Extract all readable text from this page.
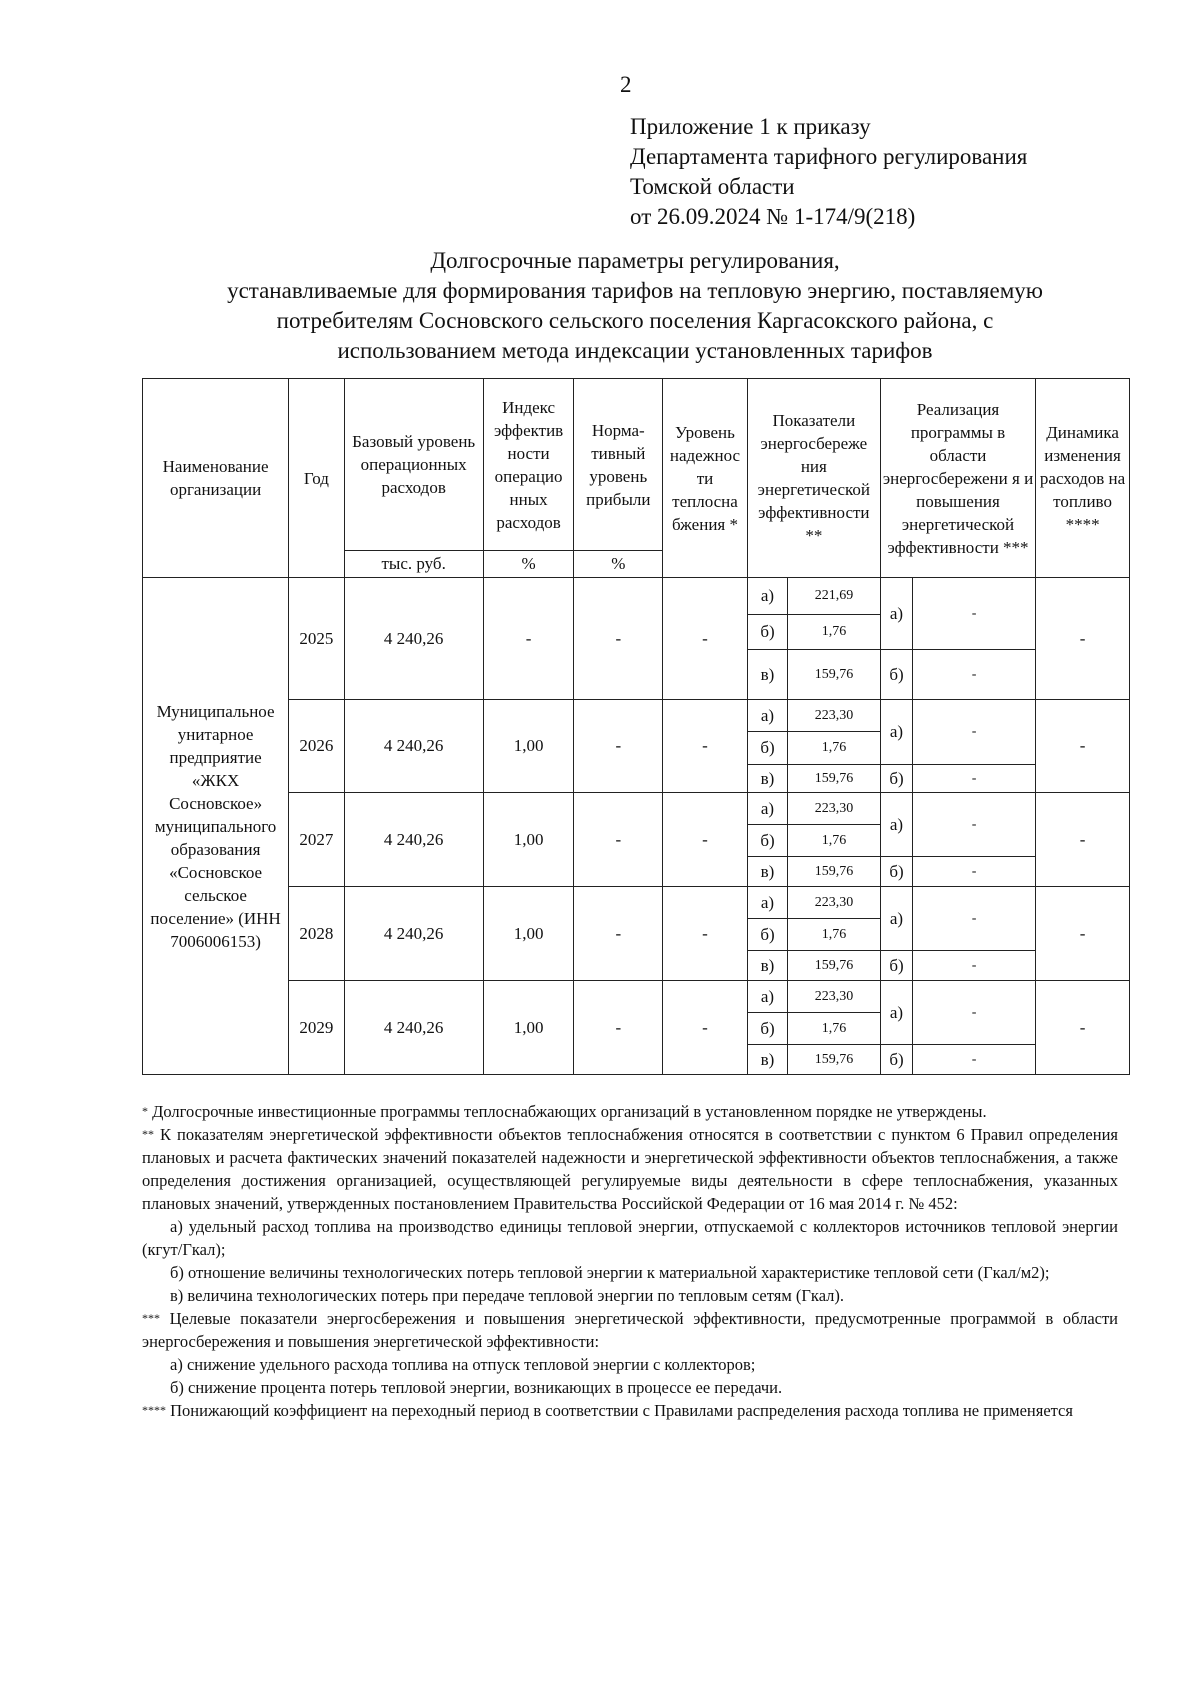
2
Приложение 1 к приказу
Департамента тарифного регулирования
Томской области
от 26.09.2024 № 1-174/9(218)
Долгосрочные параметры регулирования,
устанавливаемые для формирования тарифов на тепловую энергию, поставляемую
потребителям Сосновского сельского поселения Каргасокского района, с
использованием метода индексации установленных тарифов
Наименование организации	Год	Базовый уровень операционных расходов	Индекс эффектив ности операцио нных расходов	Норма-тивный уровень прибыли	Уровень надежнос ти теплосна бжения *	Показатели энергосбереже ния энергетической эффективности **		Реализация программы в области энергосбережени я и повышения энергетической эффективности ***		Динамика изменения расходов на топливо ****
		тыс. руб.	%	%						
Муниципальное унитарное предприятие «ЖКХ Сосновское» муниципального образования «Сосновское сельское поселение» (ИНН 7006006153)	2025	4 240,26	-	-	-	а)	221,69	а)	-	-
						б)	1,76			
						в)	159,76	б)	-	
	2026	4 240,26	1,00	-	-	а)	223,30	а)	-	-
						б)	1,76			
						в)	159,76	б)	-	
	2027	4 240,26	1,00	-	-	а)	223,30	а)	-	-
						б)	1,76			
						в)	159,76	б)	-	
	2028	4 240,26	1,00	-	-	а)	223,30	а)	-	-
						б)	1,76			
						в)	159,76	б)	-	
	2029	4 240,26	1,00	-	-	а)	223,30	а)	-	-
						б)	1,76			
						в)	159,76	б)	-	

* Долгосрочные инвестиционные программы теплоснабжающих организаций в установленном порядке не утверждены.

** К показателям энергетической эффективности объектов теплоснабжения относятся в соответствии с пунктом 6 Правил определения плановых и расчета фактических значений показателей надежности и энергетической эффективности объектов теплоснабжения, а также определения достижения организацией, осуществляющей регулируемые виды деятельности в сфере теплоснабжения, указанных плановых значений, утвержденных постановлением Правительства Российской Федерации от 16 мая 2014 г. № 452:

а) удельный расход топлива на производство единицы тепловой энергии, отпускаемой с коллекторов источников тепловой энергии (кгут/Гкал);

б) отношение величины технологических потерь тепловой энергии к материальной характеристике тепловой сети (Гкал/м2);

в) величина технологических потерь при передаче тепловой энергии по тепловым сетям (Гкал).

*** Целевые показатели энергосбережения и повышения энергетической эффективности, предусмотренные программой в области энергосбережения и повышения энергетической эффективности:

а) снижение удельного расхода топлива на отпуск тепловой энергии с коллекторов;

б) снижение процента потерь тепловой энергии, возникающих в процессе ее передачи.

**** Понижающий коэффициент на переходный период в соответствии с Правилами распределения расхода топлива не применяется
